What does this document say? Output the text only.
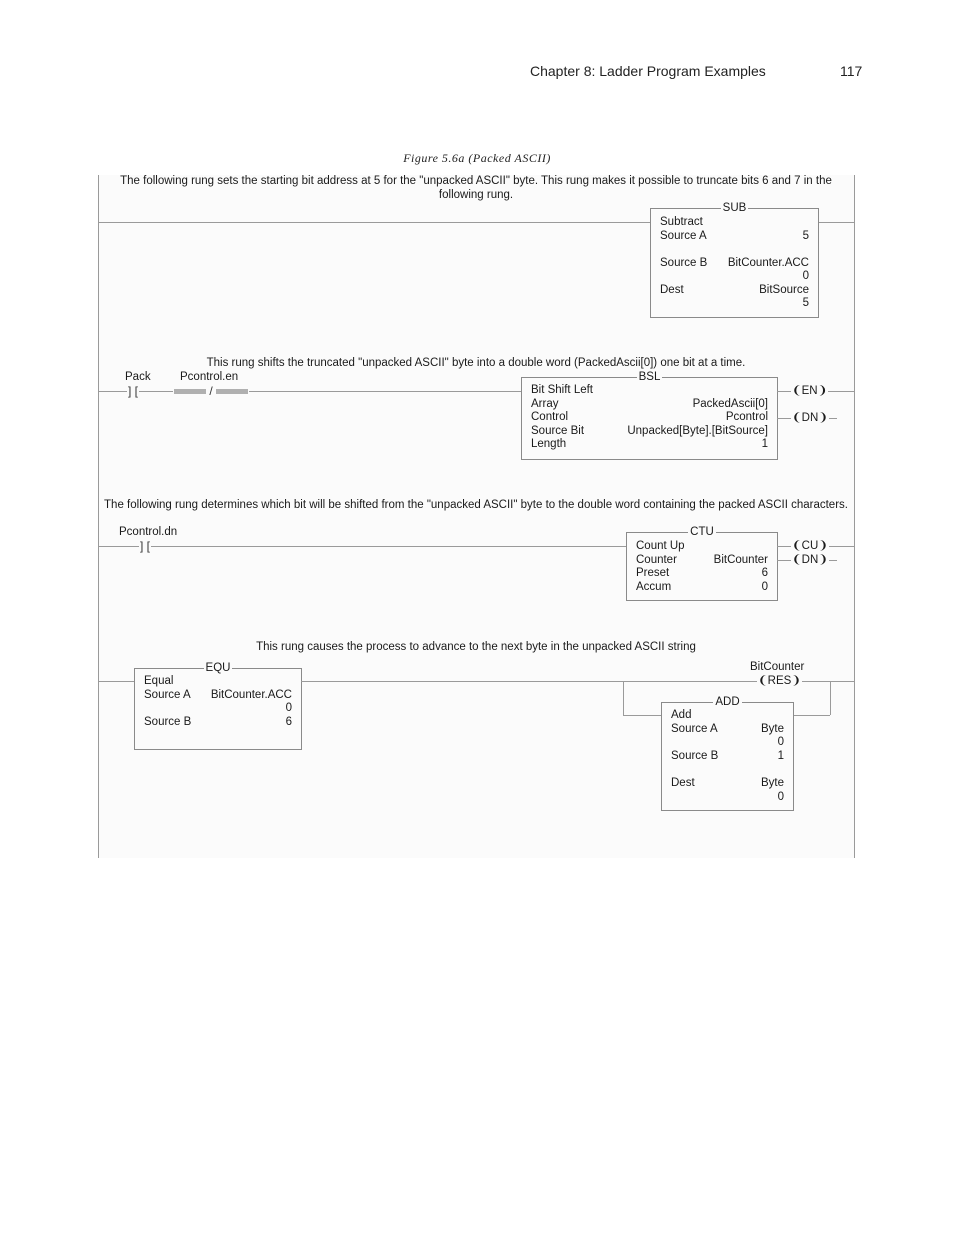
Chapter 8: Ladder Program Examples	117
Figure 5.6a (Packed ASCII)
The following rung sets the starting bit address at 5 for the "unpacked ASCII" byte. This rung makes it possible to truncate bits 6 and 7 in the following rung.
SUB
Subtract
Source A	5
Source B BitCounter.ACC
0
Dest	BitSource
5
This rung shifts the truncated "unpacked ASCII" byte into a double word (PackedAscii[0]) one bit at a time.
Pack
] [
Pcontrol.en
/
BSL
Bit Shift Left
Array	PackedAscii[0]
Control	Pcontrol
Source Bit	Unpacked[Byte].[BitSource]
Length	1
❨EN❩
❨DN❩
The following rung determines which bit will be shifted from the "unpacked ASCII" byte to the double word containing the packed ASCII characters.
Pcontrol.dn
] [
CTU
Count Up
Counter	BitCounter
Preset	6
Accum	0
❨CU❩
❨DN❩
This rung causes the process to advance to the next byte in the unpacked ASCII string
EQU
Equal
Source A BitCounter.ACC
0
Source B	6
BitCounter
❨RES❩
ADD
Add
Source A	Byte
0
Source B	1
Dest	Byte
0
